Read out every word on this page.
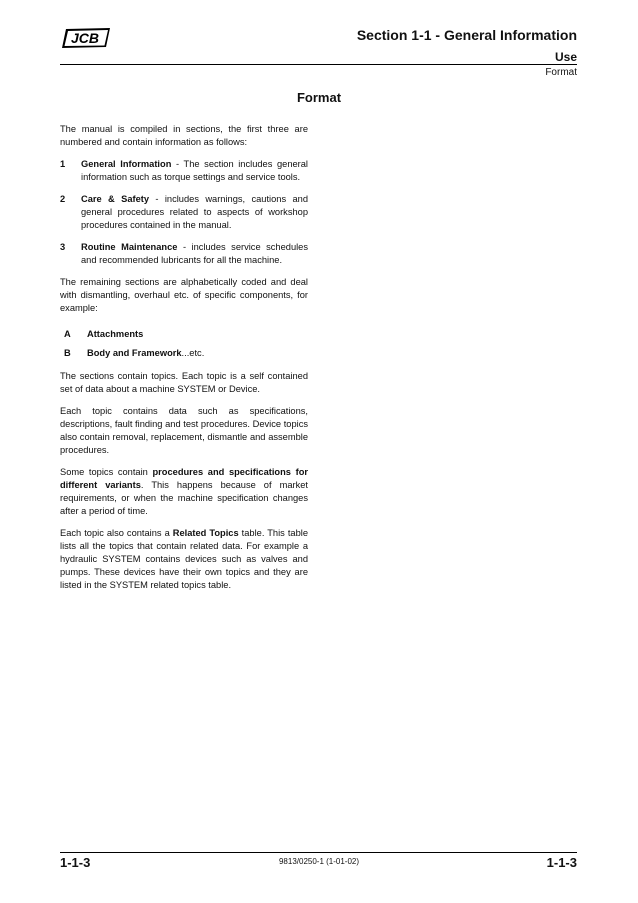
JCB	Section 1-1 - General Information
Use
Format
Format

The manual is compiled in sections, the first three are numbered and contain information as follows:

1	General Information - The section includes general information such as torque settings and service tools.
2	Care & Safety - includes warnings, cautions and general procedures related to aspects of workshop procedures contained in the manual.
3	Routine Maintenance - includes service schedules and recommended lubricants for all the machine.

The remaining sections are alphabetically coded and deal with dismantling, overhaul etc. of specific components, for example:

A	Attachments
B	Body and Framework...etc.

The sections contain topics. Each topic is a self contained set of data about a machine SYSTEM or Device.

Each topic contains data such as specifications, descriptions, fault finding and test procedures. Device topics also contain removal, replacement, dismantle and assemble procedures.

Some topics contain procedures and specifications for different variants. This happens because of market requirements, or when the machine specification changes after a period of time.

Each topic also contains a Related Topics table. This table lists all the topics that contain related data. For example a hydraulic SYSTEM contains devices such as valves and pumps. These devices have their own topics and they are listed in the SYSTEM related topics table.

1-1-3	9813/0250-1 (1-01-02)	1-1-3
